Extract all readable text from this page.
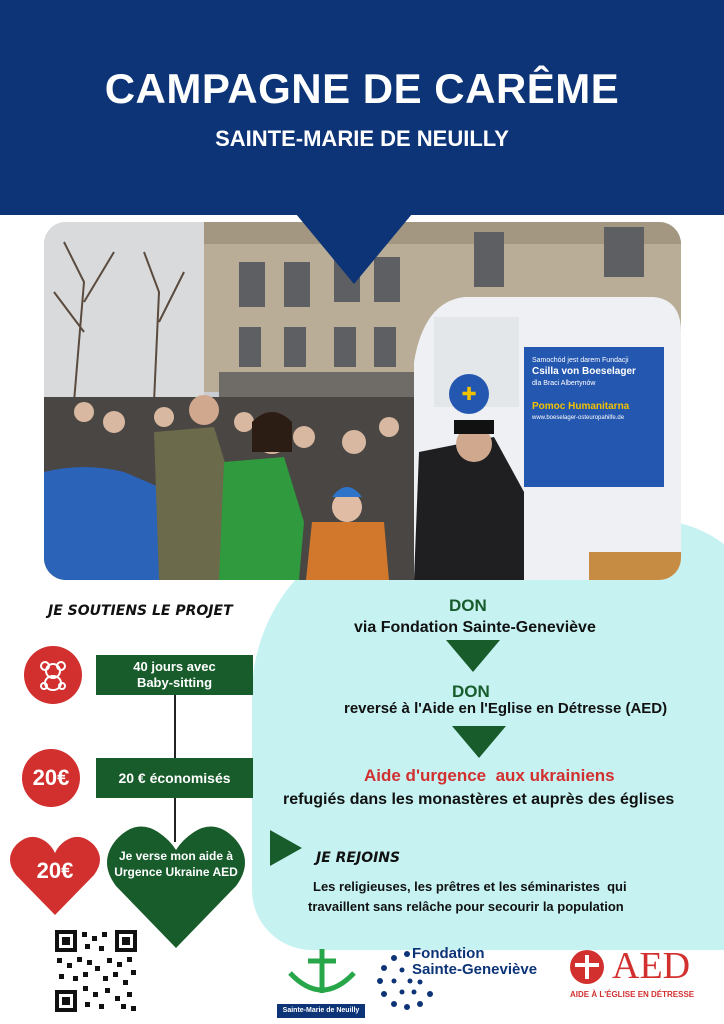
CAMPAGNE DE CARÊME
SAINTE-MARIE DE NEUILLY
✚
Samochód jest darem Fundacji
Csilla von Boeselager
dla Braci Albertynów
Pomoc Humanitarna
www.boeselager-osteuropahilfe.de
JE SOUTIENS LE PROJET
40 jours avec Baby-sitting
20€	20 € économisés
20€
Je verse mon aide à Urgence Ukraine AED
DON
via Fondation Sainte-Geneviève
DON
reversé à l'Aide en l'Eglise en Détresse (AED)
Aide d'urgence  aux ukrainiens
refugiés dans les monastères et auprès des églises
JE REJOINS
Les religieuses, les prêtres et les séminaristes  qui
travaillent sans relâche pour secourir la population
Sainte-Marie de Neuilly
Fondation
Sainte-Geneviève AED
AIDE À L'ÉGLISE EN DÉTRESSE
